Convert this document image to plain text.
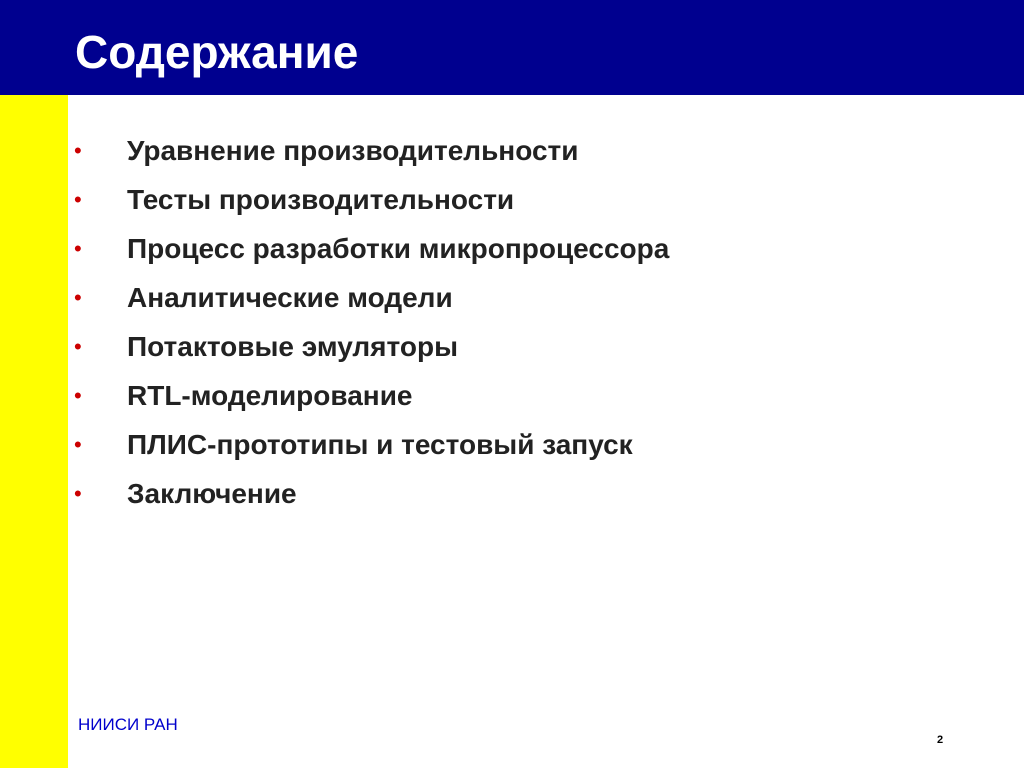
Содержание
• Уравнение производительности
• Тесты производительности
• Процесс разработки микропроцессора
• Аналитические модели
• Потактовые эмуляторы
• RTL-моделирование
• ПЛИС-прототипы и тестовый запуск
• Заключение
НИИСИ РАН
2
